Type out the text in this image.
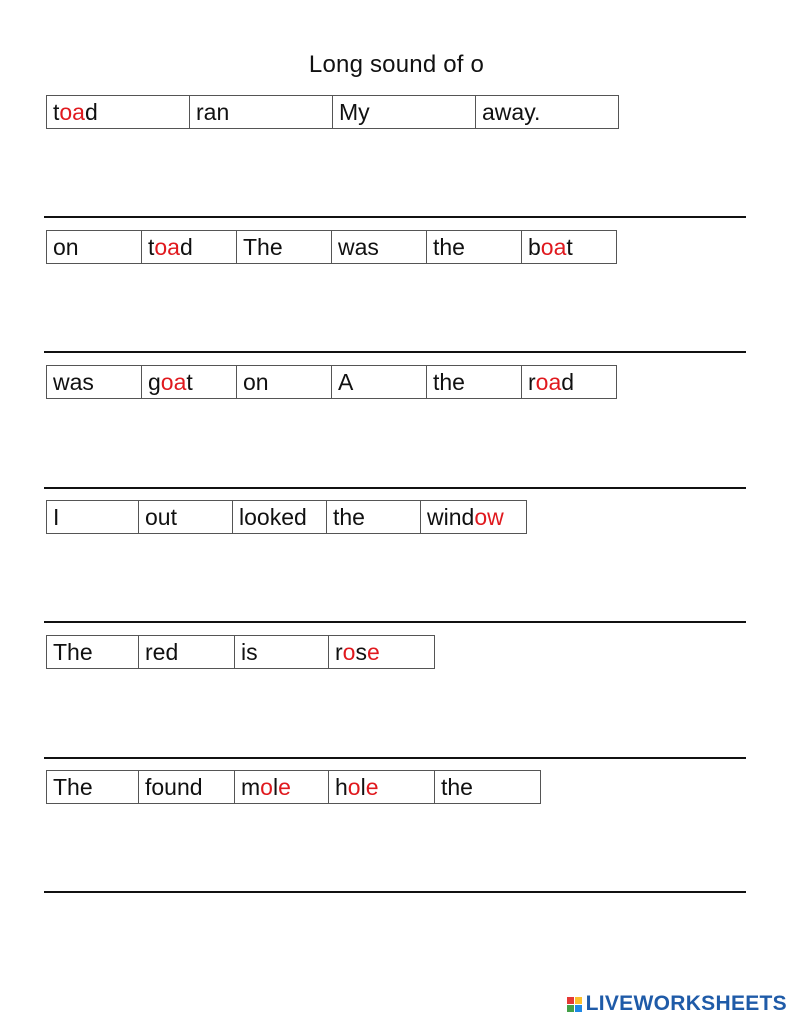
Long sound of o
toad	ran	My	away.
on	toad	The	was	the	boat
was	goat	on	A	the	road
I	out	looked	the	window
The	red	is	rose
The	found	mole	hole	the
LIVEWORKSHEETS
